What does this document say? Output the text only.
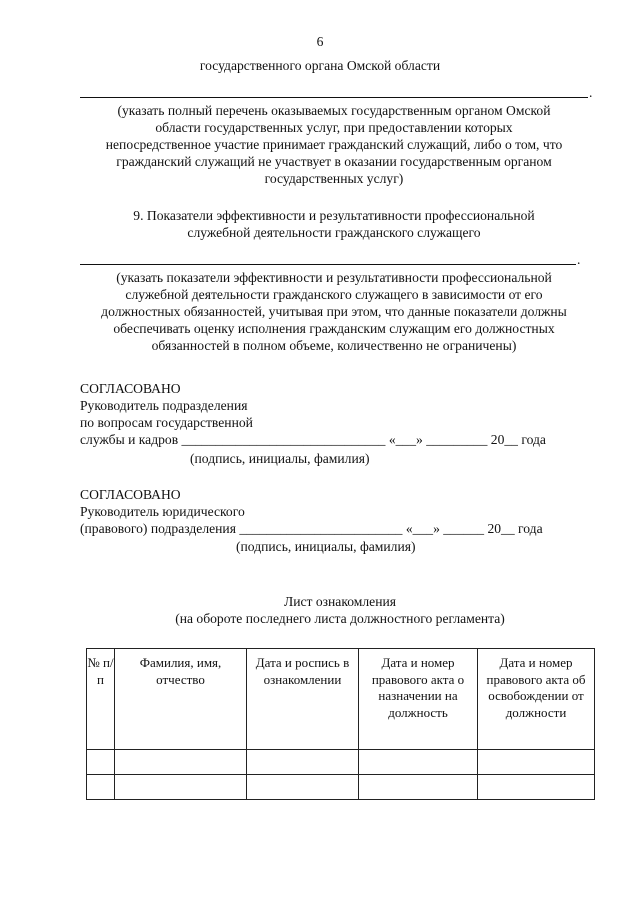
6
государственного органа Омской области
.
(указать полный перечень оказываемых государственным органом Омской
области государственных услуг, при предоставлении которых
непосредственное участие принимает гражданский служащий, либо о том, что
гражданский служащий не участвует в оказании государственным органом
государственных услуг)
9. Показатели эффективности и результативности профессиональной
служебной деятельности гражданского служащего
.
(указать показатели эффективности и результативности профессиональной
служебной деятельности гражданского служащего в зависимости от его
должностных обязанностей, учитывая при этом, что данные показатели должны
обеспечивать оценку исполнения гражданским служащим его должностных
обязанностей в полном объеме, количественно не ограничены)
СОГЛАСОВАНО
Руководитель подразделения
по вопросам государственной
службы и кадров ______________________________ «___» _________ 20__ года
(подпись, инициалы, фамилия)
СОГЛАСОВАНО
Руководитель юридического
(правового) подразделения ________________________ «___» ______ 20__ года
(подпись, инициалы, фамилия)
Лист ознакомления
(на обороте последнего листа должностного регламента)
№ п/п	Фамилия, имя, отчество	Дата и роспись в ознакомлении	Дата и номер правового акта о назначении на должность	Дата и номер правового акта об освобождении от должности
